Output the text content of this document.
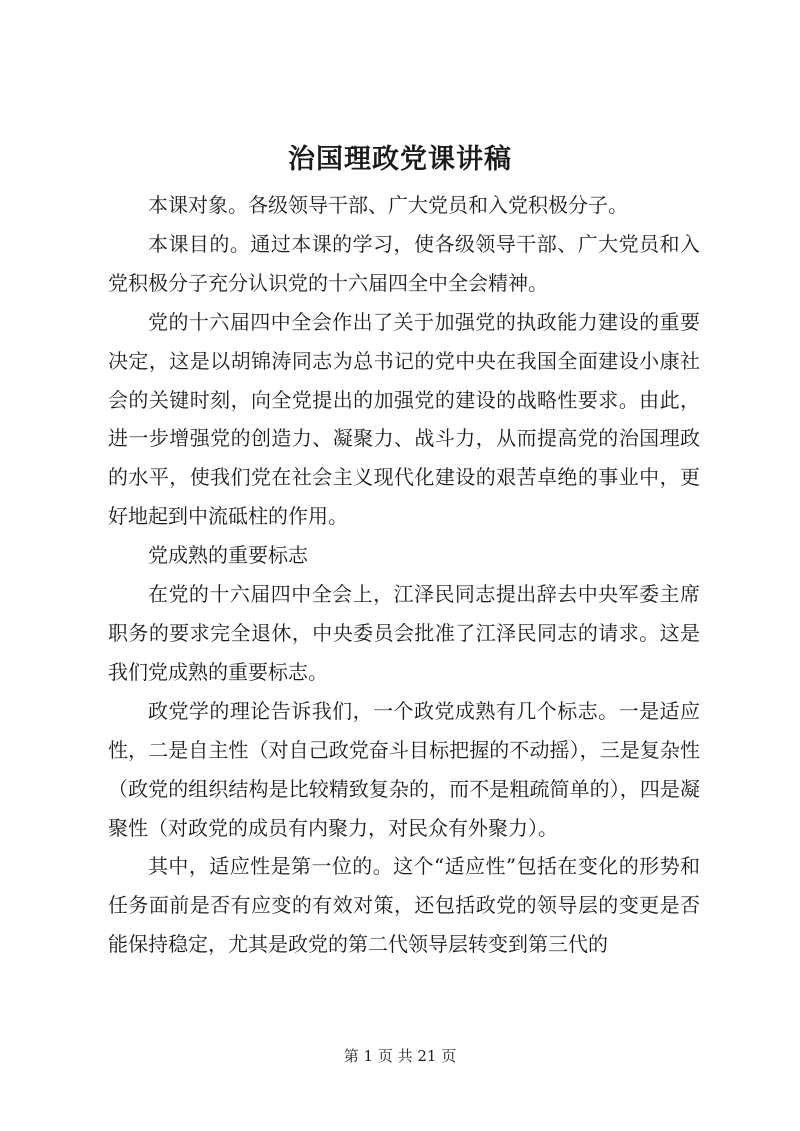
治国理政党课讲稿

本课对象。各级领导干部、广大党员和入党积极分子。

本课目的。通过本课的学习，使各级领导干部、广大党员和入党积极分子充分认识党的十六届四全中全会精神。

党的十六届四中全会作出了关于加强党的执政能力建设的重要决定，这是以胡锦涛同志为总书记的党中央在我国全面建设小康社会的关键时刻，向全党提出的加强党的建设的战略性要求。由此，进一步增强党的创造力、凝聚力、战斗力，从而提高党的治国理政的水平，使我们党在社会主义现代化建设的艰苦卓绝的事业中，更好地起到中流砥柱的作用。

党成熟的重要标志

在党的十六届四中全会上，江泽民同志提出辞去中央军委主席职务的要求完全退休，中央委员会批准了江泽民同志的请求。这是我们党成熟的重要标志。

政党学的理论告诉我们，一个政党成熟有几个标志。一是适应性，二是自主性（对自己政党奋斗目标把握的不动摇），三是复杂性（政党的组织结构是比较精致复杂的，而不是粗疏简单的），四是凝聚性（对政党的成员有内聚力，对民众有外聚力）。

其中，适应性是第一位的。这个“适应性”包括在变化的形势和任务面前是否有应变的有效对策，还包括政党的领导层的变更是否能保持稳定，尤其是政党的第二代领导层转变到第三代的

第 1 页 共 21 页
